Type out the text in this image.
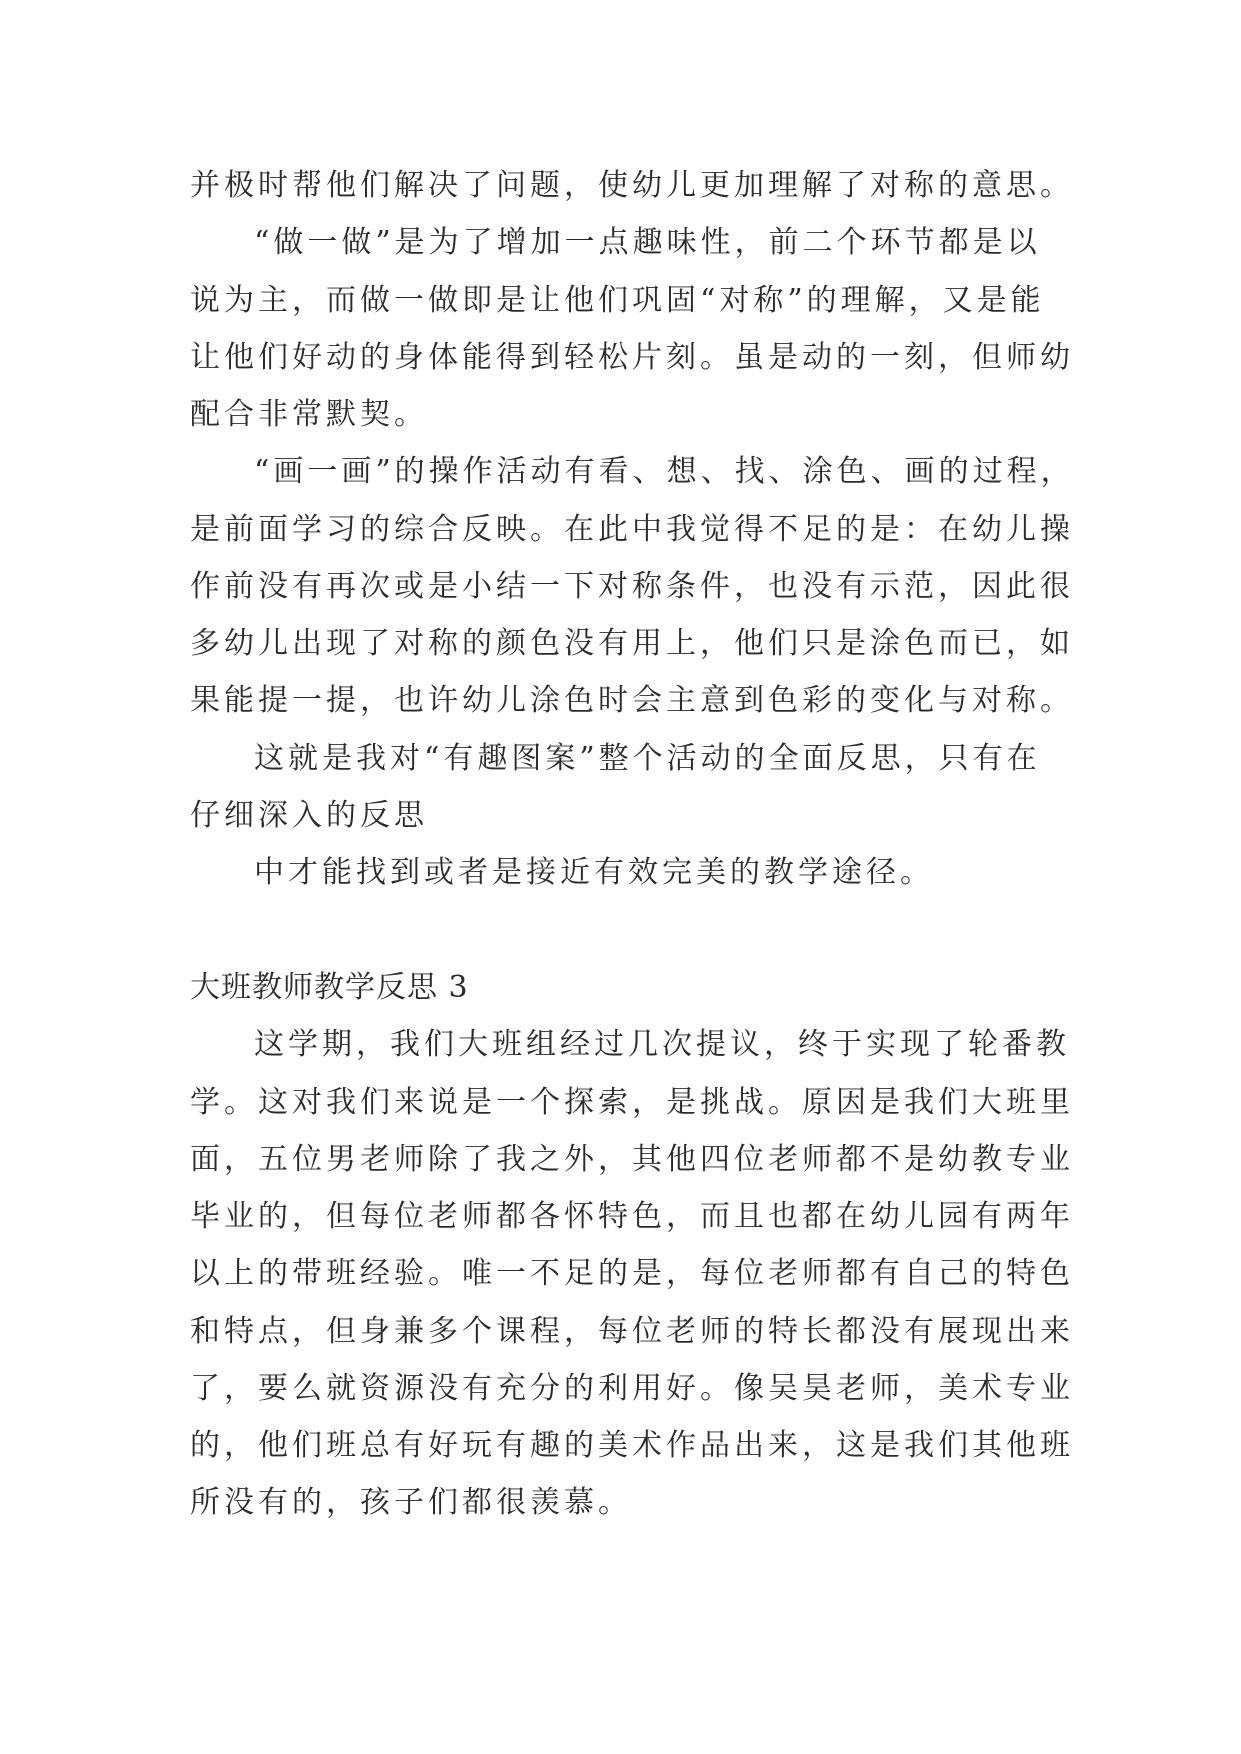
并极时帮他们解决了问题，使幼儿更加理解了对称的意思。

“做一做”是为了增加一点趣味性，前二个环节都是以

说为主，而做一做即是让他们巩固“对称”的理解，又是能

让他们好动的身体能得到轻松片刻。虽是动的一刻，但师幼

配合非常默契。

“画一画”的操作活动有看、想、找、涂色、画的过程，

是前面学习的综合反映。在此中我觉得不足的是：在幼儿操

作前没有再次或是小结一下对称条件，也没有示范，因此很

多幼儿出现了对称的颜色没有用上，他们只是涂色而已，如

果能提一提，也许幼儿涂色时会主意到色彩的变化与对称。

这就是我对“有趣图案”整个活动的全面反思，只有在

仔细深入的反思

中才能找到或者是接近有效完美的教学途径。

大班教师教学反思 3

这学期，我们大班组经过几次提议，终于实现了轮番教

学。这对我们来说是一个探索，是挑战。原因是我们大班里

面，五位男老师除了我之外，其他四位老师都不是幼教专业

毕业的，但每位老师都各怀特色，而且也都在幼儿园有两年

以上的带班经验。唯一不足的是，每位老师都有自己的特色

和特点，但身兼多个课程，每位老师的特长都没有展现出来

了，要么就资源没有充分的利用好。像吴昊老师，美术专业

的，他们班总有好玩有趣的美术作品出来，这是我们其他班

所没有的，孩子们都很羡慕。
